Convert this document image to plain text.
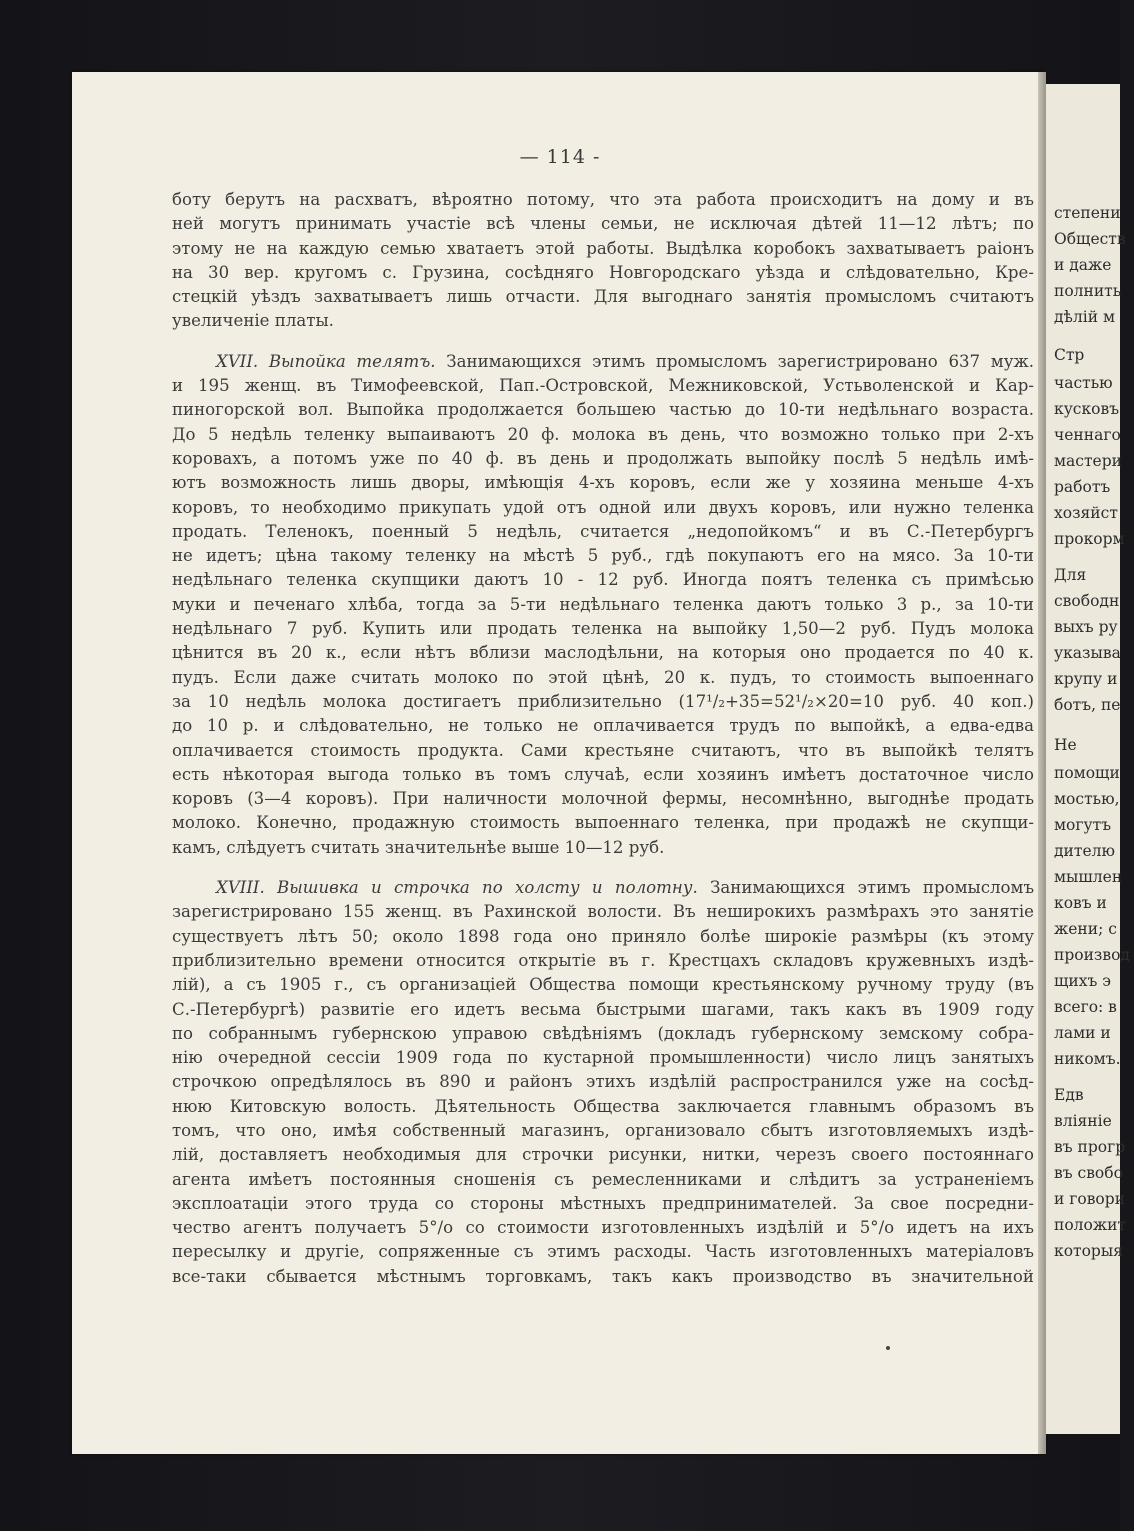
степени
Обществ
и даже
полнить
дѣлій м
Стр
частью
кусковъ
ченнаго
мастери
работъ
хозяйст
прокорм
Для
свободн
выхъ ру
указыва
крупу и
ботъ, пе
Не
помощи
мостью,
могутъ
дителю
мышлен
ковъ и
жени; с
производ
щихъ э
всего: в
лами и
никомъ.
Едв
вліяніе
въ прогр
въ свобо
и говори
положит
которыя
— 114 -
боту берутъ на расхватъ, вѣроятно потому, что эта работа происходитъ на дому и въ
ней могутъ принимать участіе всѣ члены семьи, не исключая дѣтей 11—12 лѣтъ; по
этому не на каждую семью хватаетъ этой работы. Выдѣлка коробокъ захватываетъ раіонъ
на 30 вер. кругомъ с. Грузина, сосѣдняго Новгородскаго уѣзда и слѣдовательно, Кре-
стецкій уѣздъ захватываетъ лишь отчасти. Для выгоднаго занятія промысломъ считаютъ
увеличеніе платы.
XVII. Выпойка телятъ. Занимающихся этимъ промысломъ зарегистрировано 637 муж.
и 195 женщ. въ Тимофеевской, Пап.-Островской, Межниковской, Устьволенской и Кар-
пиногорской вол. Выпойка продолжается большею частью до 10-ти недѣльнаго возраста.
До 5 недѣль теленку выпаиваютъ 20 ф. молока въ день, что возможно только при 2-хъ
коровахъ, а потомъ уже по 40 ф. въ день и продолжать выпойку послѣ 5 недѣль имѣ-
ютъ возможность лишь дворы, имѣющія 4-хъ коровъ, если же у хозяина меньше 4-хъ
коровъ, то необходимо прикупать удой отъ одной или двухъ коровъ, или нужно теленка
продать. Теленокъ, поенный 5 недѣль, считается „недопойкомъ“ и въ С.-Петербургъ
не идетъ; цѣна такому теленку на мѣстѣ 5 руб., гдѣ покупаютъ его на мясо. За 10-ти
недѣльнаго теленка скупщики даютъ 10 - 12 руб. Иногда поятъ теленка съ примѣсью
муки и печенаго хлѣба, тогда за 5-ти недѣльнаго теленка даютъ только 3 р., за 10-ти
недѣльнаго 7 руб. Купить или продать теленка на выпойку 1,50—2 руб. Пудъ молока
цѣнится въ 20 к., если нѣтъ вблизи маслодѣльни, на которыя оно продается по 40 к.
пудъ. Если даже считать молоко по этой цѣнѣ, 20 к. пудъ, то стоимость выпоеннаго
за 10 недѣль молока достигаетъ приблизительно (17¹/₂+35=52¹/₂×20=10 руб. 40 коп.)
до 10 р. и слѣдовательно, не только не оплачивается трудъ по выпойкѣ, а едва-едва
оплачивается стоимость продукта. Сами крестьяне считаютъ, что въ выпойкѣ телятъ
есть нѣкоторая выгода только въ томъ случаѣ, если хозяинъ имѣетъ достаточное число
коровъ (3—4 коровъ). При наличности молочной фермы, несомнѣнно, выгоднѣе продать
молоко. Конечно, продажную стоимость выпоеннаго теленка, при продажѣ не скупщи-
камъ, слѣдуетъ считать значительнѣе выше 10—12 руб.
XVIII. Вышивка и строчка по холсту и полотну. Занимающихся этимъ промысломъ
зарегистрировано 155 женщ. въ Рахинской волости. Въ неширокихъ размѣрахъ это занятіе
существуетъ лѣтъ 50; около 1898 года оно приняло болѣе широкіе размѣры (къ этому
приблизительно времени относится открытіе въ г. Крестцахъ складовъ кружевныхъ издѣ-
лій), а съ 1905 г., съ организаціей Общества помощи крестьянскому ручному труду (въ
С.-Петербургѣ) развитіе его идетъ весьма быстрыми шагами, такъ какъ въ 1909 году
по собраннымъ губернскою управою свѣдѣніямъ (докладъ губернскому земскому собра-
нію очередной сессіи 1909 года по кустарной промышленности) число лицъ занятыхъ
строчкою опредѣлялось въ 890 и районъ этихъ издѣлій распространился уже на сосѣд-
нюю Китовскую волость. Дѣятельность Общества заключается главнымъ образомъ въ
томъ, что оно, имѣя собственный магазинъ, организовало сбытъ изготовляемыхъ издѣ-
лій, доставляетъ необходимыя для строчки рисунки, нитки, черезъ своего постояннаго
агента имѣетъ постоянныя сношенія съ ремесленниками и слѣдитъ за устраненіемъ
эксплоатаціи этого труда со стороны мѣстныхъ предпринимателей. За свое посредни-
чество агентъ получаетъ 5°/о со стоимости изготовленныхъ издѣлій и 5°/о идетъ на ихъ
пересылку и другіе, сопряженные съ этимъ расходы. Часть изготовленныхъ матеріаловъ
все-таки сбывается мѣстнымъ торговкамъ, такъ какъ производство въ значительной
